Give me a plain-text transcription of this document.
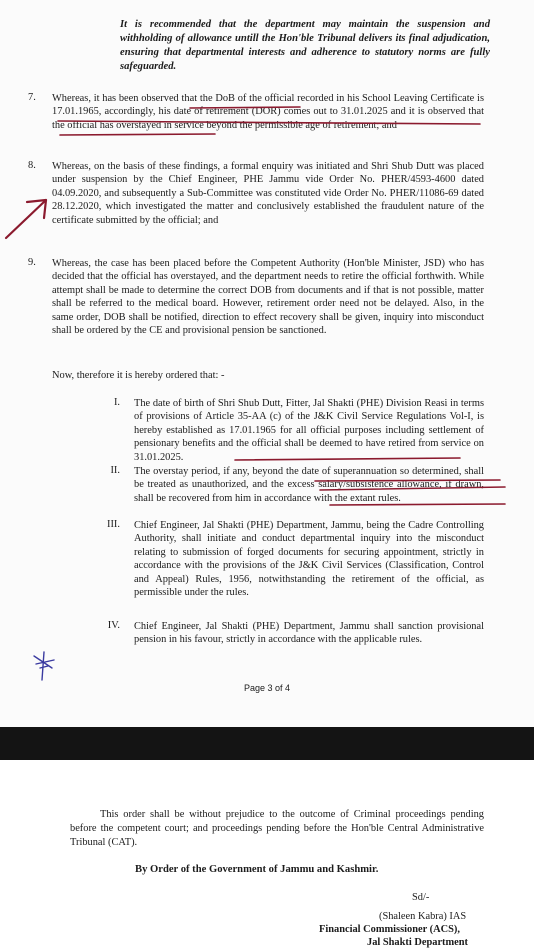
It is recommended that the department may maintain the suspension and withholding of allowance untill the Hon'ble Tribunal delivers its final adjudication, ensuring that departmental interests and adherence to statutory norms are fully safeguarded.
7. Whereas, it has been observed that the DoB of the official recorded in his School Leaving Certificate is 17.01.1965, accordingly, his date of retirement (DOR) comes out to 31.01.2025 and it is observed that the official has overstayed in service beyond the permissible age of retirement; and
8. Whereas, on the basis of these findings, a formal enquiry was initiated and Shri Shub Dutt was placed under suspension by the Chief Engineer, PHE Jammu vide Order No. PHER/4593-4600 dated 04.09.2020, and subsequently a Sub-Committee was constituted vide Order No. PHER/11086-69 dated 28.12.2020, which investigated the matter and conclusively established the fraudulent nature of the certificate submitted by the official; and
9. Whereas, the case has been placed before the Competent Authority (Hon'ble Minister, JSD) who has decided that the official has overstayed, and the department needs to retire the official forthwith. While attempt shall be made to determine the correct DOB from documents and if that is not possible, matter shall be referred to the medical board. However, retirement order need not be delayed. Also, in the same order, DOB shall be notified, direction to effect recovery shall be given, inquiry into misconduct shall be ordered by the CE and provisional pension be sanctioned.
Now, therefore it is hereby ordered that: -
I. The date of birth of Shri Shub Dutt, Fitter, Jal Shakti (PHE) Division Reasi in terms of provisions of Article 35-AA (c) of the J&K Civil Service Regulations Vol-I, is hereby established as 17.01.1965 for all official purposes including settlement of pensionary benefits and the official shall be deemed to have retired from service on 31.01.2025.
II. The overstay period, if any, beyond the date of superannuation so determined, shall be treated as unauthorized, and the excess salary/subsistence allowance, if drawn, shall be recovered from him in accordance with the extant rules.
III. Chief Engineer, Jal Shakti (PHE) Department, Jammu, being the Cadre Controlling Authority, shall initiate and conduct departmental inquiry into the misconduct relating to submission of forged documents for securing appointment, strictly in accordance with the provisions of the J&K Civil Services (Classification, Control and Appeal) Rules, 1956, notwithstanding the retirement of the official, as permissible under the rules.
IV. Chief Engineer, Jal Shakti (PHE) Department, Jammu shall sanction provisional pension in his favour, strictly in accordance with the applicable rules.
Page 3 of 4
This order shall be without prejudice to the outcome of Criminal proceedings pending before the competent court; and proceedings pending before the Hon'ble Central Administrative Tribunal (CAT).
By Order of the Government of Jammu and Kashmir.
Sd/-
(Shaleen Kabra) IAS
Financial Commissioner (ACS),
Jal Shakti Department
